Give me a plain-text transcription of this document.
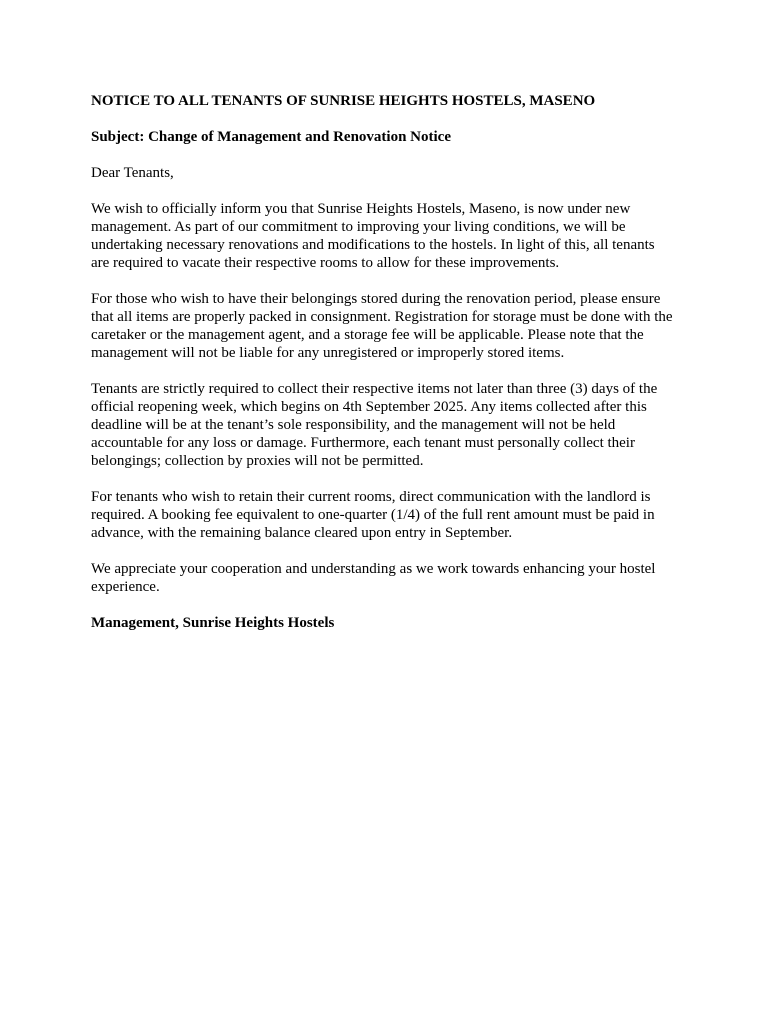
NOTICE TO ALL TENANTS OF SUNRISE HEIGHTS HOSTELS, MASENO

Subject: Change of Management and Renovation Notice

Dear Tenants,

We wish to officially inform you that Sunrise Heights Hostels, Maseno, is now under new
management. As part of our commitment to improving your living conditions, we will be
undertaking necessary renovations and modifications to the hostels. In light of this, all tenants
are required to vacate their respective rooms to allow for these improvements.
For those who wish to have their belongings stored during the renovation period, please ensure
that all items are properly packed in consignment. Registration for storage must be done with the
caretaker or the management agent, and a storage fee will be applicable. Please note that the
management will not be liable for any unregistered or improperly stored items.
Tenants are strictly required to collect their respective items not later than three (3) days of the
official reopening week, which begins on 4th September 2025. Any items collected after this
deadline will be at the tenant’s sole responsibility, and the management will not be held
accountable for any loss or damage. Furthermore, each tenant must personally collect their
belongings; collection by proxies will not be permitted.
For tenants who wish to retain their current rooms, direct communication with the landlord is
required. A booking fee equivalent to one-quarter (1/4) of the full rent amount must be paid in
advance, with the remaining balance cleared upon entry in September.
We appreciate your cooperation and understanding as we work towards enhancing your hostel
experience.

Management, Sunrise Heights Hostels
